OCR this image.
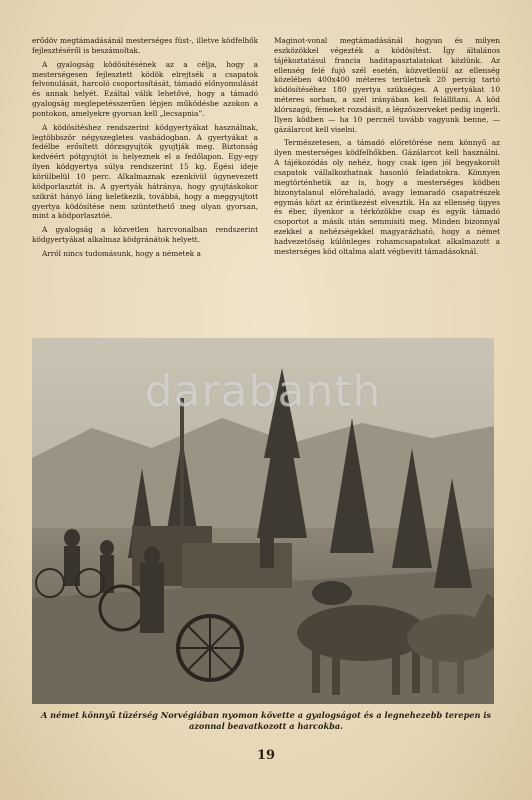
erődöv megtámadásánál mesterséges füst-, illetve ködfelhők fejlesztéséről is beszámoltak.

A gyalogság ködösítésének az a célja, hogy a mesterségesen fejlesztett ködök elrejtsék a csapatok felvonulását, harcoló csoportosítását, támadó előnyomulását és annak helyét. Ezáltal válik lehetővé, hogy a támadó gyalogság meglepetésszerűen lépjen működésbe azokon a pontokon, amelyekre gyorsan kell „lecsapnia”.

A ködösítéshez rendszerint ködgyertyákat használnak, legtöbbször négyszegletes vasbádogban. A gyertyákat a fedélbe erősített dörzsgyujtók gyujtják meg. Biztonság kedvéért pótgyujtót is helyeznek el a fedőlapon. Egy-egy ilyen ködgyertya súlya rendszerint 15 kg. Égési ideje körülbelül 10 perc. Alkalmaznak ezenkívül úgynevezett ködporlasztót is. A gyertyák hátránya, hogy gyujtáskokor szikrát hányó láng keletkezik, továbbá, hogy a meggyujtott gyertya ködösítése nem szüntethető meg olyan gyorsan, mint a ködporlasztóé.

A gyalogság a közvetlen harcvonalban rendszerint ködgyertyákat alkalmaz ködgránátok helyett.

Arról nincs tudomásunk, hogy a németek a

Maginot-vonal megtámadásánál hogyan és milyen eszközökkel végezték a ködösítést. Így általános tájékoztatásul francia haditapasztalatokat közlünk. Az ellenség felé fujó szél esetén, közvetlenül az ellenség közelében 400x400 méteres területnek 20 percig tartó ködösítéséhez 180 gyertya szükséges. A gyertyákat 10 méteres sorban, a szél irányában kell felállítani. A köd klórszagú, fémeket rozsdásít, a légzőszerveket pedig ingerli. Ilyen ködben — ha 10 percnél tovább vagyunk benne, — gázálarcot kell viselni.

Természetesen, a támadó előretörése nem könnyű az ilyen mesterséges ködfelhőkben. Gázálarcot kell használni. A tájékozódás oly nehéz, hogy csak igen jól begyakorolt csapatok vállalkozhatnak hasonló feladatokra. Könnyen megtörténhetik az is, hogy a mesterséges ködben bizonytalanul előrehaladó, avagy lemaradó csapatrészek egymás közt az érintkezést elvesztik. Ha az ellenség ügyes és éber, ilyenkor a térközökbe csap és egyik támadó csoportot a másik után semmisiti meg. Minden bizonnyal ezekkel a nehézségekkel magyarázható, hogy a német hadvezetőség különleges rohamcsapatokat alkalmazott a mesterséges köd oltalma alatt végbevitt támadásoknál.

darabanth
A német könnyű tüzérség Norvégiában nyomon követte a gyalogságot és a legnehezebb terepen is azonnal beavatkozott a harcokba.
19
